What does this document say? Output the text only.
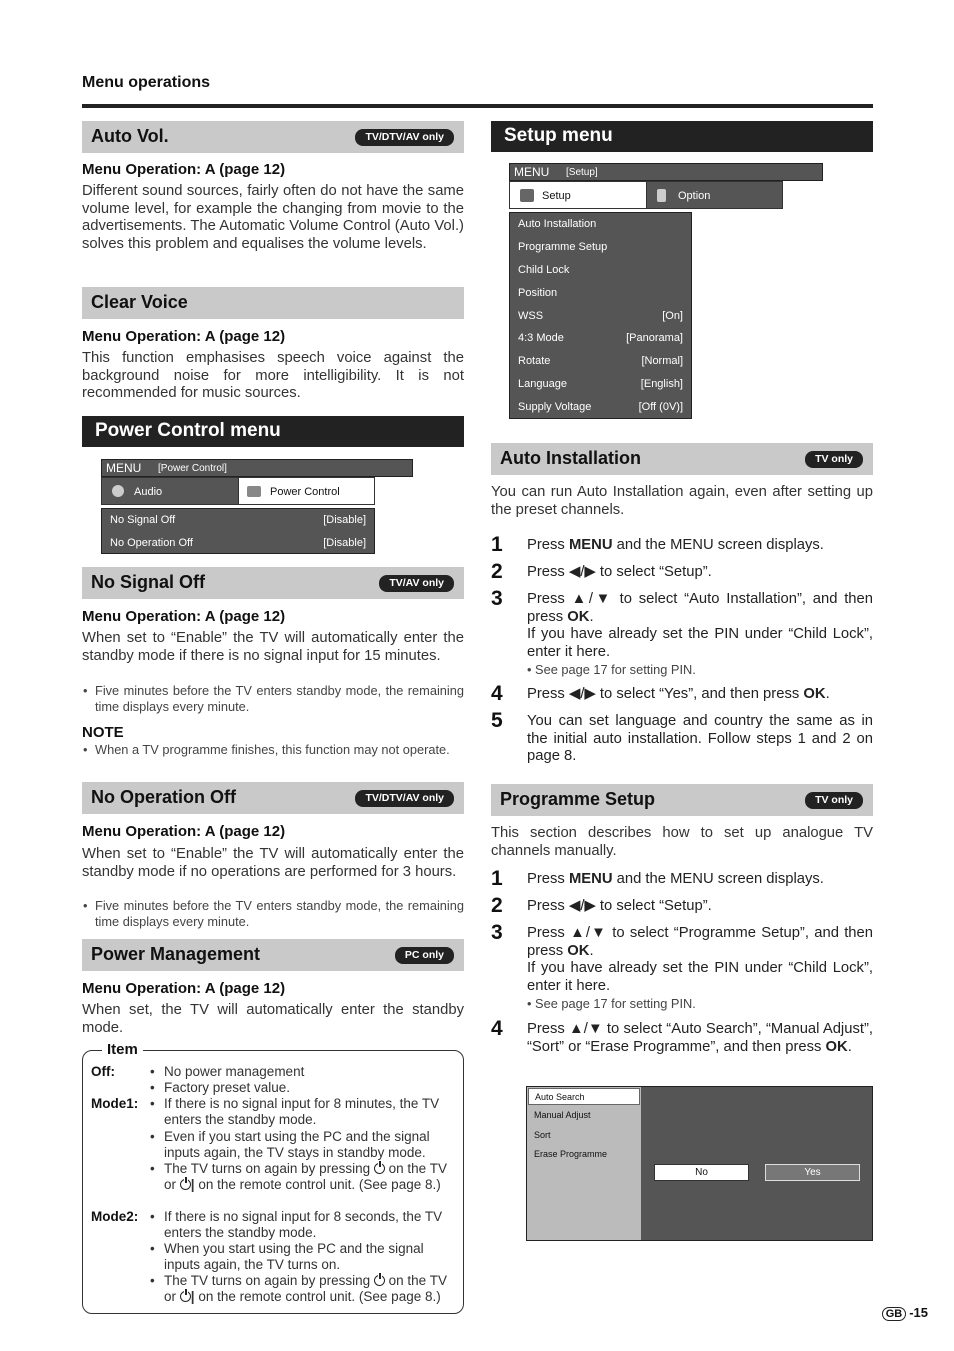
Menu operations
Auto Vol.	TV/DTV/AV only
Menu Operation: A (page 12)
Different sound sources, fairly often do not have the same volume level, for example the changing from movie to the advertisements. The Automatic Volume Control (Auto Vol.) solves this problem and equalises the volume levels.
Clear Voice
Menu Operation: A (page 12)
This function emphasises speech voice against the background noise for more intelligibility. It is not recommended for music sources.
Power Control menu
MENU [Power Control]
Audio	Power Control
No Signal Off	[Disable]
No Operation Off	[Disable]
No Signal Off	TV/AV only
Menu Operation: A (page 12)
When set to “Enable” the TV will automatically enter the standby mode if there is no signal input for 15 minutes.
• Five minutes before the TV enters standby mode, the remaining time displays every minute.
NOTE
• When a TV programme finishes, this function may not operate.
No Operation Off	TV/DTV/AV only
Menu Operation: A (page 12)
When set to “Enable” the TV will automatically enter the standby mode if no operations are performed for 3 hours.
• Five minutes before the TV enters standby mode, the remaining time displays every minute.
Power Management	PC only
Menu Operation: A (page 12)
When set, the TV will automatically enter the standby mode.
Item
Off:	• No power management
• Factory preset value.
Mode1:	• If there is no signal input for 8 minutes, the TV enters the standby mode.
• Even if you start using the PC and the signal inputs again, the TV stays in standby mode.
• The TV turns on again by pressing on the TV or | on the remote control unit. (See page 8.)
Mode2:	• If there is no signal input for 8 seconds, the TV enters the standby mode.
• When you start using the PC and the signal inputs again, the TV turns on.
• The TV turns on again by pressing on the TV or | on the remote control unit. (See page 8.)
Setup menu
MENU [Setup]
Setup	Option
Auto Installation
Programme Setup
Child Lock
Position
WSS	[On]
4:3 Mode	[Panorama]
Rotate	[Normal]
Language	[English]
Supply Voltage	[Off (0V)]
Auto Installation	TV only
You can run Auto Installation again, even after setting up the preset channels.
1 Press MENU and the MENU screen displays.
2 Press ◀/▶ to select “Setup”.
3 Press ▲/▼ to select “Auto Installation”, and then press OK.
If you have already set the PIN under “Child Lock”, enter it here.
• See page 17 for setting PIN.
4 Press ◀/▶ to select “Yes”, and then press OK.
5 You can set language and country the same as in the initial auto installation. Follow steps 1 and 2 on page 8.
Programme Setup	TV only
This section describes how to set up analogue TV channels manually.
1 Press MENU and the MENU screen displays.
2 Press ◀/▶ to select “Setup”.
3 Press ▲/▼ to select “Programme Setup”, and then press OK.
If you have already set the PIN under “Child Lock”, enter it here.
• See page 17 for setting PIN.
4 Press ▲/▼ to select “Auto Search”, “Manual Adjust”, “Sort” or “Erase Programme”, and then press OK.
Auto Search
Manual Adjust
Sort
Erase Programme
No	Yes
GB -15
